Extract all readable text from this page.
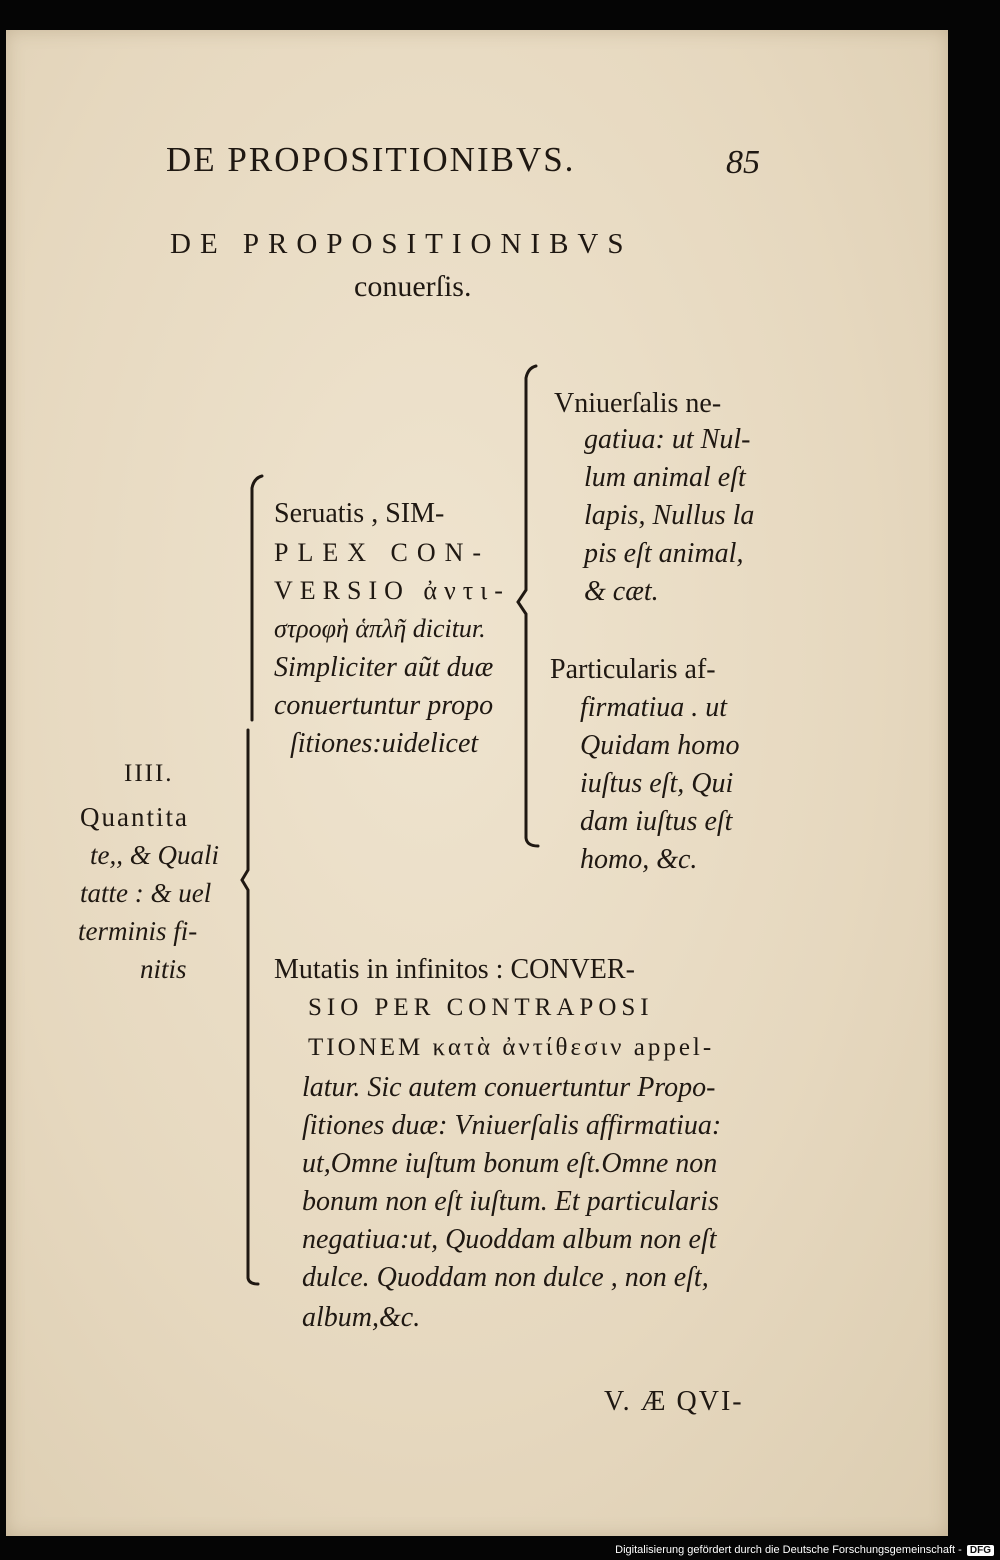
DE PROPOSITIONIBVS.	85
DE PROPOSITIONIBVS
conuerſis.
IIII.
Quantita
te,, & Quali
tatte : & uel
terminis fi-
nitis
Seruatis , SIM-
PLEX CON-
VERSIO ἀντι-
στροφὴ ἁπλῆ dicitur.
Simpliciter aũt duæ
conuertuntur propo
ſitiones:uidelicet
Vniuerſalis ne-
gatiua: ut Nul-
lum animal eſt
lapis, Nullus la
pis eſt animal,
& cæt.
Particularis af-
firmatiua . ut
Quidam homo
iuſtus eſt, Qui
dam iuſtus eſt
homo, &c.
Mutatis in infinitos : CONVER-
SIO PER CONTRAPOSI
TIONEM κατὰ ἀντίθεσιν appel-
latur. Sic autem conuertuntur Propo-
ſitiones duæ: Vniuerſalis affirmatiua:
ut,Omne iuſtum bonum eſt.Omne non
bonum non eſt iuſtum. Et particularis
negatiua:ut, Quoddam album non eſt
dulce. Quoddam non dulce , non eſt,
album,&c.
V. Æ QVI-
Digitalisierung gefördert durch die Deutsche Forschungsgemeinschaft - DFG
